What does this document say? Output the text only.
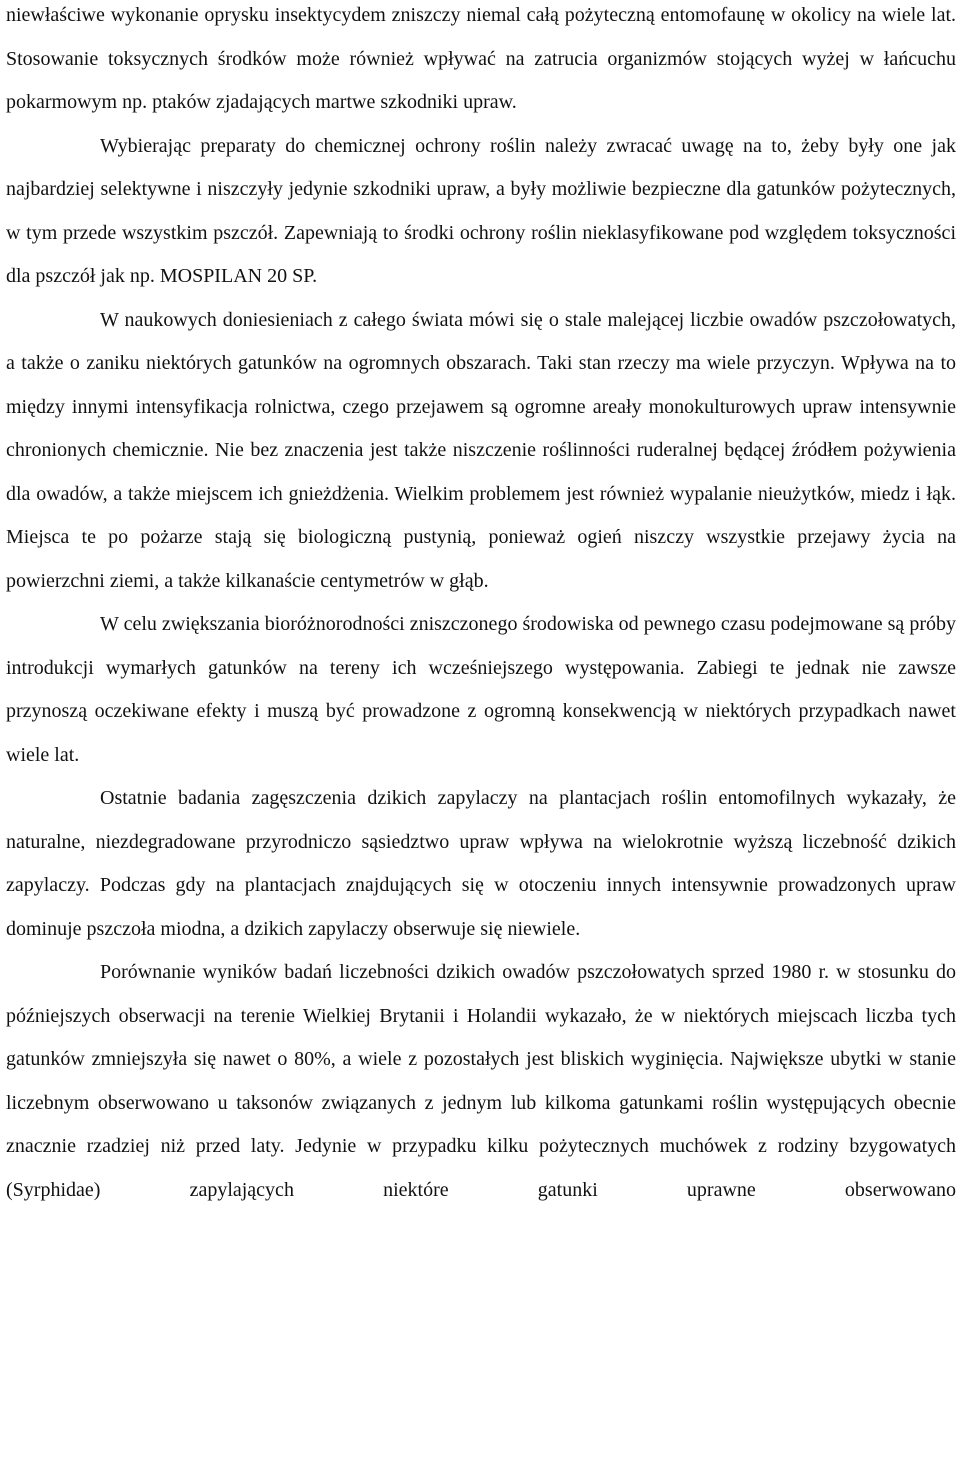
niewłaściwe wykonanie oprysku insektycydem zniszczy niemal całą pożyteczną entomofaunę w okolicy na wiele lat. Stosowanie toksycznych środków może również wpływać na zatrucia organizmów stojących wyżej w łańcuchu pokarmowym np. ptaków zjadających martwe szkodniki upraw.

Wybierając preparaty do chemicznej ochrony roślin należy zwracać uwagę na to, żeby były one jak najbardziej selektywne i niszczyły jedynie szkodniki upraw, a były możliwie bezpieczne dla gatunków pożytecznych, w tym przede wszystkim pszczół. Zapewniają to środki ochrony roślin nieklasyfikowane pod względem toksyczności dla pszczół jak np. MOSPILAN 20 SP.

W naukowych doniesieniach z całego świata mówi się o stale malejącej liczbie owadów pszczołowatych, a także o zaniku niektórych gatunków na ogromnych obszarach. Taki stan rzeczy ma wiele przyczyn. Wpływa na to między innymi intensyfikacja rolnictwa, czego przejawem są ogromne areały monokulturowych upraw intensywnie chronionych chemicznie. Nie bez znaczenia jest także niszczenie roślinności ruderalnej będącej źródłem pożywienia dla owadów, a także miejscem ich gnieżdżenia. Wielkim problemem jest również wypalanie nieużytków, miedz i łąk. Miejsca te po pożarze stają się biologiczną pustynią, ponieważ ogień niszczy wszystkie przejawy życia na powierzchni ziemi, a także kilkanaście centymetrów w głąb.

W celu zwiększania bioróżnorodności zniszczonego środowiska od pewnego czasu podejmowane są próby introdukcji wymarłych gatunków na tereny ich wcześniejszego występowania. Zabiegi te jednak nie zawsze przynoszą oczekiwane efekty i muszą być prowadzone z ogromną konsekwencją w niektórych przypadkach nawet wiele lat.

Ostatnie badania zagęszczenia dzikich zapylaczy na plantacjach roślin entomofilnych wykazały, że naturalne, niezdegradowane przyrodniczo sąsiedztwo upraw wpływa na wielokrotnie wyższą liczebność dzikich zapylaczy. Podczas gdy na plantacjach znajdujących się w otoczeniu innych intensywnie prowadzonych upraw dominuje pszczoła miodna, a dzikich zapylaczy obserwuje się niewiele.

Porównanie wyników badań liczebności dzikich owadów pszczołowatych sprzed 1980 r. w stosunku do późniejszych obserwacji na terenie Wielkiej Brytanii i Holandii wykazało, że w niektórych miejscach liczba tych gatunków zmniejszyła się nawet o 80%, a wiele z pozostałych jest bliskich wyginięcia. Największe ubytki w stanie liczebnym obserwowano u taksonów związanych z jednym lub kilkoma gatunkami roślin występujących obecnie znacznie rzadziej niż przed laty. Jedynie w przypadku kilku pożytecznych muchówek z rodziny bzygowatych (Syrphidae) zapylających niektóre gatunki uprawne obserwowano
